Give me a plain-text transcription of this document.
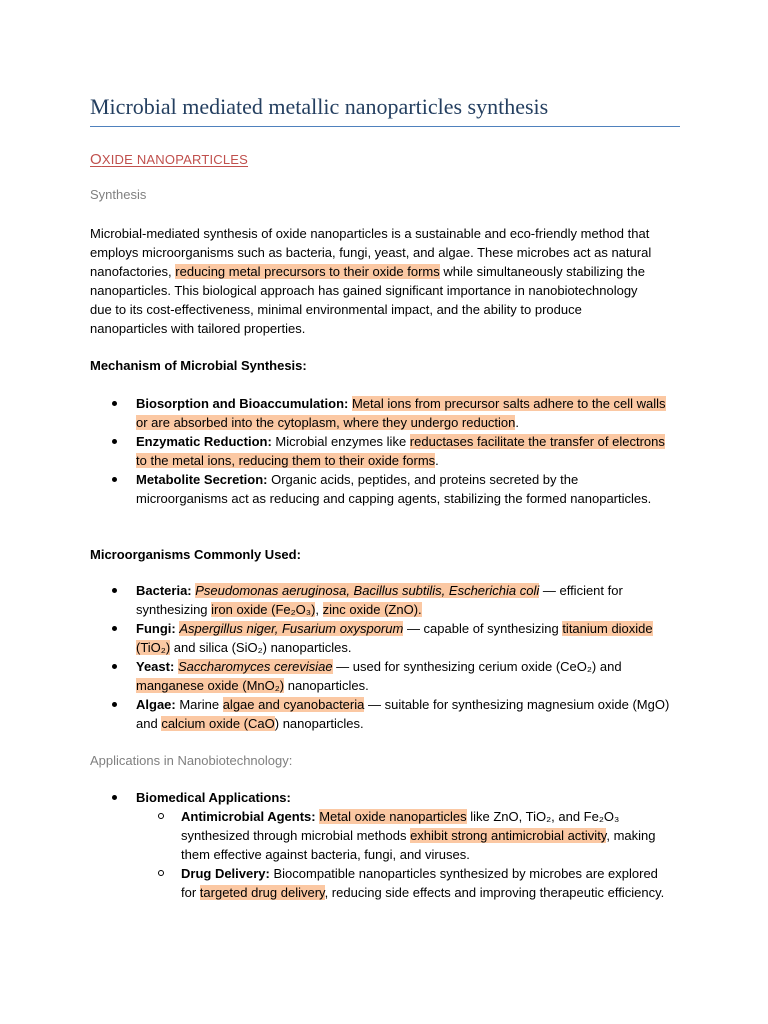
Microbial mediated metallic nanoparticles synthesis
OXIDE NANOPARTICLES
Synthesis
Microbial-mediated synthesis of oxide nanoparticles is a sustainable and eco-friendly method that employs microorganisms such as bacteria, fungi, yeast, and algae. These microbes act as natural nanofactories, reducing metal precursors to their oxide forms while simultaneously stabilizing the nanoparticles. This biological approach has gained significant importance in nanobiotechnology due to its cost-effectiveness, minimal environmental impact, and the ability to produce nanoparticles with tailored properties.
Mechanism of Microbial Synthesis:
Biosorption and Bioaccumulation: Metal ions from precursor salts adhere to the cell walls or are absorbed into the cytoplasm, where they undergo reduction.
Enzymatic Reduction: Microbial enzymes like reductases facilitate the transfer of electrons to the metal ions, reducing them to their oxide forms.
Metabolite Secretion: Organic acids, peptides, and proteins secreted by the microorganisms act as reducing and capping agents, stabilizing the formed nanoparticles.
Microorganisms Commonly Used:
Bacteria: Pseudomonas aeruginosa, Bacillus subtilis, Escherichia coli — efficient for synthesizing iron oxide (Fe₂O₃), zinc oxide (ZnO).
Fungi: Aspergillus niger, Fusarium oxysporum — capable of synthesizing titanium dioxide (TiO₂) and silica (SiO₂) nanoparticles.
Yeast: Saccharomyces cerevisiae — used for synthesizing cerium oxide (CeO₂) and manganese oxide (MnO₂) nanoparticles.
Algae: Marine algae and cyanobacteria — suitable for synthesizing magnesium oxide (MgO) and calcium oxide (CaO) nanoparticles.
Applications in Nanobiotechnology:
Biomedical Applications:
Antimicrobial Agents: Metal oxide nanoparticles like ZnO, TiO₂, and Fe₂O₃ synthesized through microbial methods exhibit strong antimicrobial activity, making them effective against bacteria, fungi, and viruses.
Drug Delivery: Biocompatible nanoparticles synthesized by microbes are explored for targeted drug delivery, reducing side effects and improving therapeutic efficiency.
